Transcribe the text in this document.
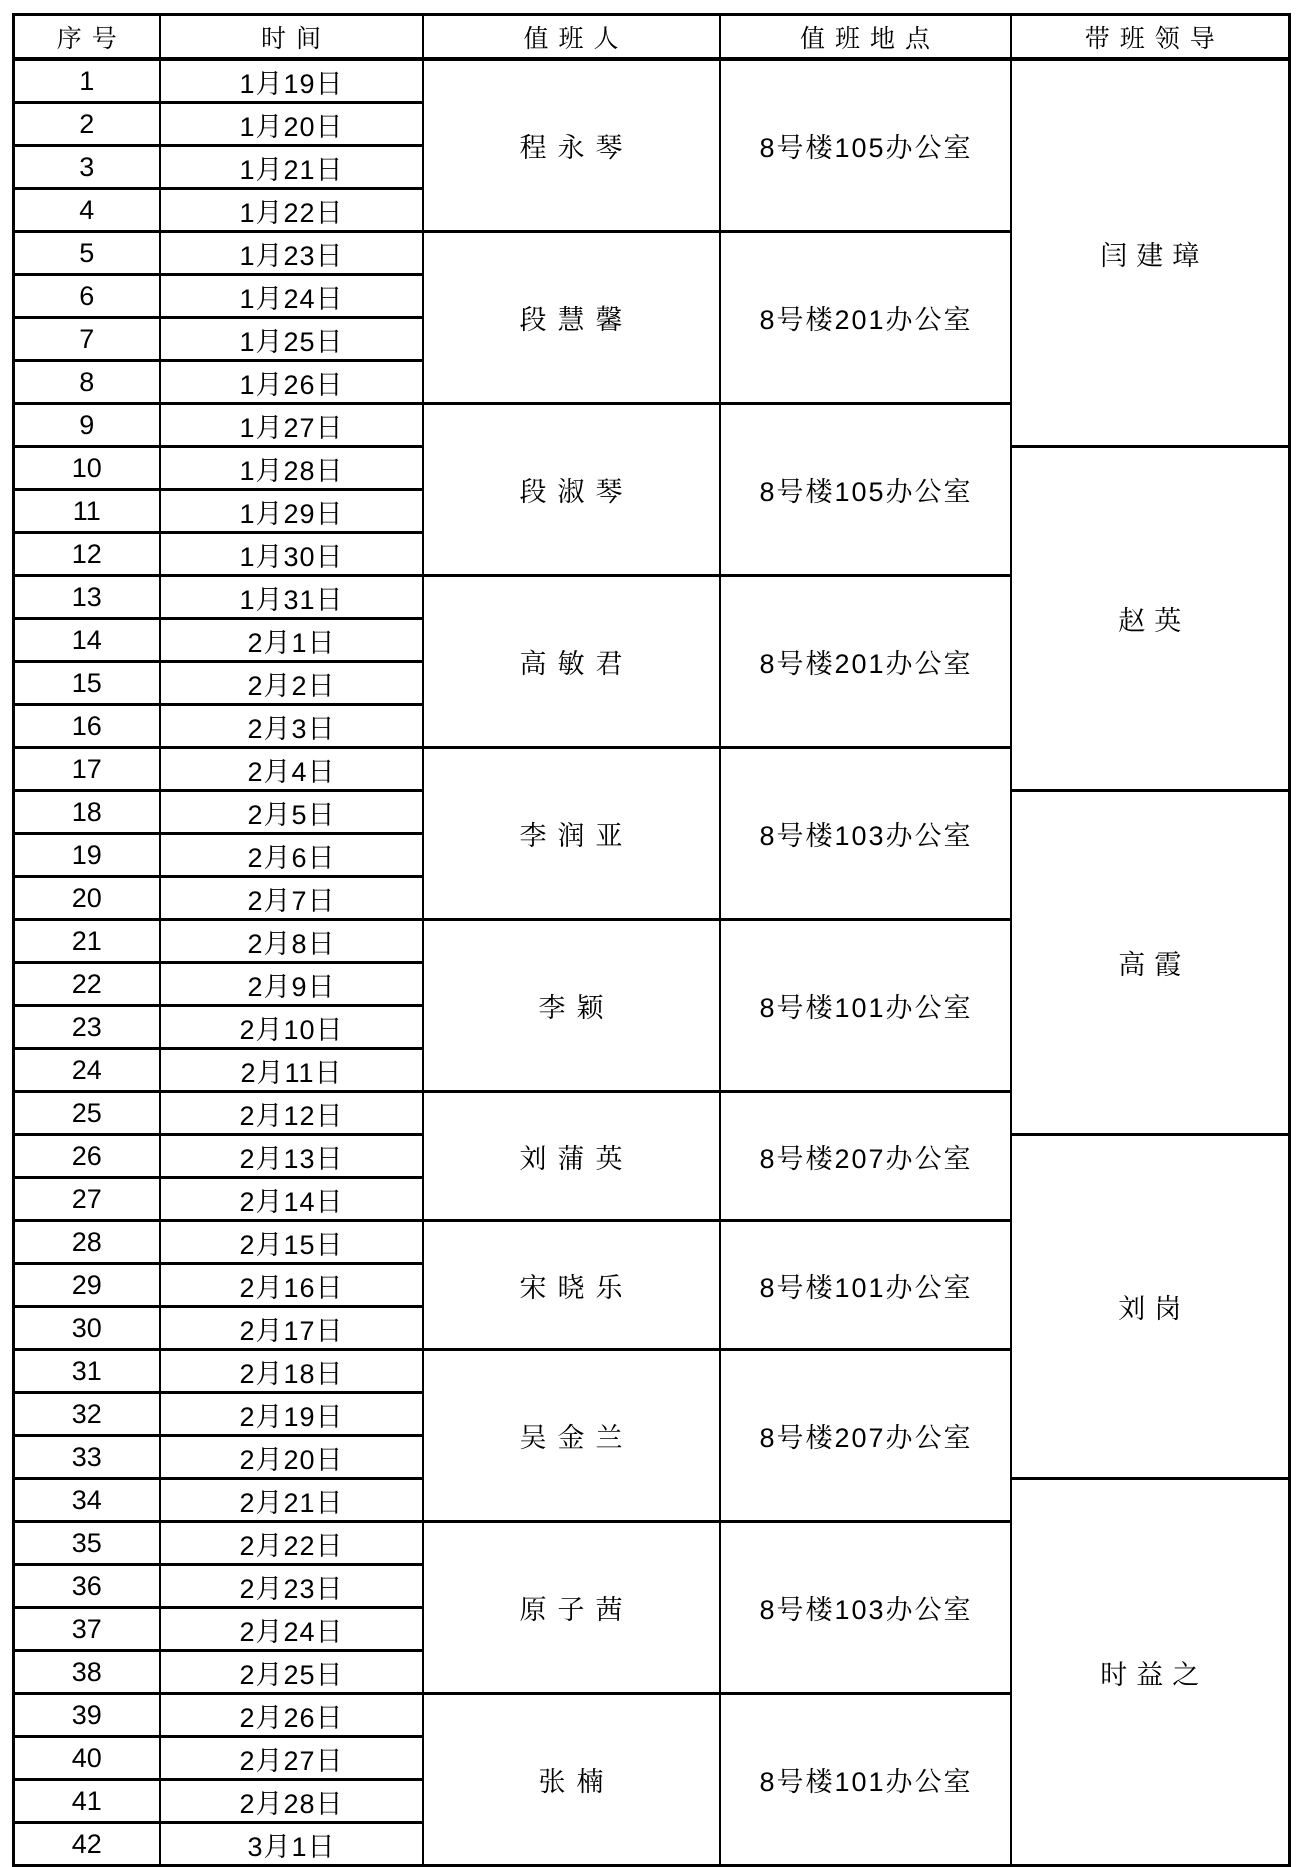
序号	时间	值班人	值班地点	带班领导
1	1月19日	程永琴	8号楼105办公室	闫建璋
2	1月20日			
3	1月21日			
4	1月22日			
5	1月23日	段慧馨	8号楼201办公室	
6	1月24日			
7	1月25日			
8	1月26日			
9	1月27日	段淑琴	8号楼105办公室	
10	1月28日			赵英
11	1月29日			
12	1月30日			
13	1月31日	高敏君	8号楼201办公室	
14	2月1日			
15	2月2日			
16	2月3日			
17	2月4日	李润亚	8号楼103办公室	
18	2月5日			高霞
19	2月6日			
20	2月7日			
21	2月8日	李颖	8号楼101办公室	
22	2月9日			
23	2月10日			
24	2月11日			
25	2月12日	刘蒲英	8号楼207办公室	
26	2月13日			刘岗
27	2月14日			
28	2月15日	宋晓乐	8号楼101办公室	
29	2月16日			
30	2月17日			
31	2月18日	吴金兰	8号楼207办公室	
32	2月19日			
33	2月20日			
34	2月21日			时益之
35	2月22日	原子茜	8号楼103办公室	
36	2月23日			
37	2月24日			
38	2月25日			
39	2月26日	张楠	8号楼101办公室	
40	2月27日			
41	2月28日			
42	3月1日			
